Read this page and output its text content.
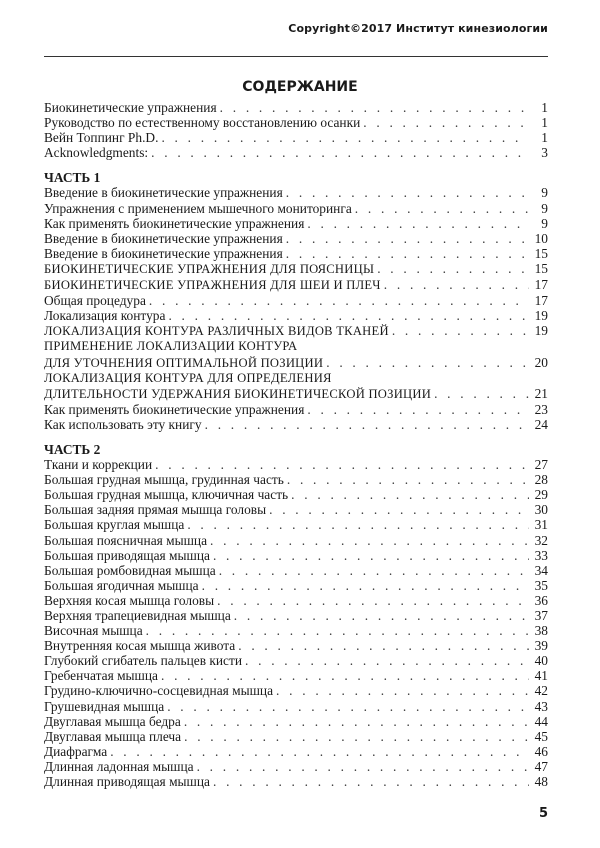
Copyright©2017 Институт кинезиологии
СОДЕРЖАНИЕ
Биокинетические упражнения . . .	1
Руководство по естественному восстановлению осанки . . .	1
Вейн Топпинг Ph.D. . . .	1
Acknowledgments: . . .	3
ЧАСТЬ 1
Введение в биокинетические упражнения . . .	9
Упражнения с применением мышечного мониторинга . . .	9
Как применять биокинетические упражнения . . .	9
Введение в биокинетические упражнения . . .	10
Введение в биокинетические упражнения . . .	15
БИОКИНЕТИЧЕСКИЕ УПРАЖНЕНИЯ ДЛЯ ПОЯСНИЦЫ . . .	15
БИОКИНЕТИЧЕСКИЕ УПРАЖНЕНИЯ ДЛЯ ШЕИ И ПЛЕЧ . . .	17
Общая процедура . . .	17
Локализация контура . . .	19
ЛОКАЛИЗАЦИЯ КОНТУРА РАЗЛИЧНЫХ ВИДОВ ТКАНЕЙ . . .	19
ПРИМЕНЕНИЕ ЛОКАЛИЗАЦИИ КОНТУРА
ДЛЯ УТОЧНЕНИЯ ОПТИМАЛЬНОЙ ПОЗИЦИИ . . .	20
ЛОКАЛИЗАЦИЯ КОНТУРА ДЛЯ ОПРЕДЕЛЕНИЯ
ДЛИТЕЛЬНОСТИ УДЕРЖАНИЯ БИОКИНЕТИЧЕСКОЙ ПОЗИЦИИ . . .	21
Как применять биокинетические упражнения . . .	23
Как использовать эту книгу . . .	24
ЧАСТЬ 2
Ткани и коррекции . . .	27
Большая грудная мышца, грудинная часть . . .	28
Большая грудная мышца, ключичная часть . . .	29
Большая задняя прямая мышца головы . . .	30
Большая круглая мышца . . .	31
Большая поясничная мышца . . .	32
Большая приводящая мышца . . .	33
Большая ромбовидная мышца . . .	34
Большая ягодичная мышца . . .	35
Верхняя косая мышца головы . . .	36
Верхняя трапециевидная мышца . . .	37
Височная мышца . . .	38
Внутренняя косая мышца живота . . .	39
Глубокий сгибатель пальцев кисти . . .	40
Гребенчатая мышца . . .	41
Грудино-ключично-сосцевидная мышца . . .	42
Грушевидная мышца . . .	43
Двуглавая мышца бедра . . .	44
Двуглавая мышца плеча . . .	45
Диафрагма . . .	46
Длинная ладонная мышца . . .	47
Длинная приводящая мышца . . .	48
5
